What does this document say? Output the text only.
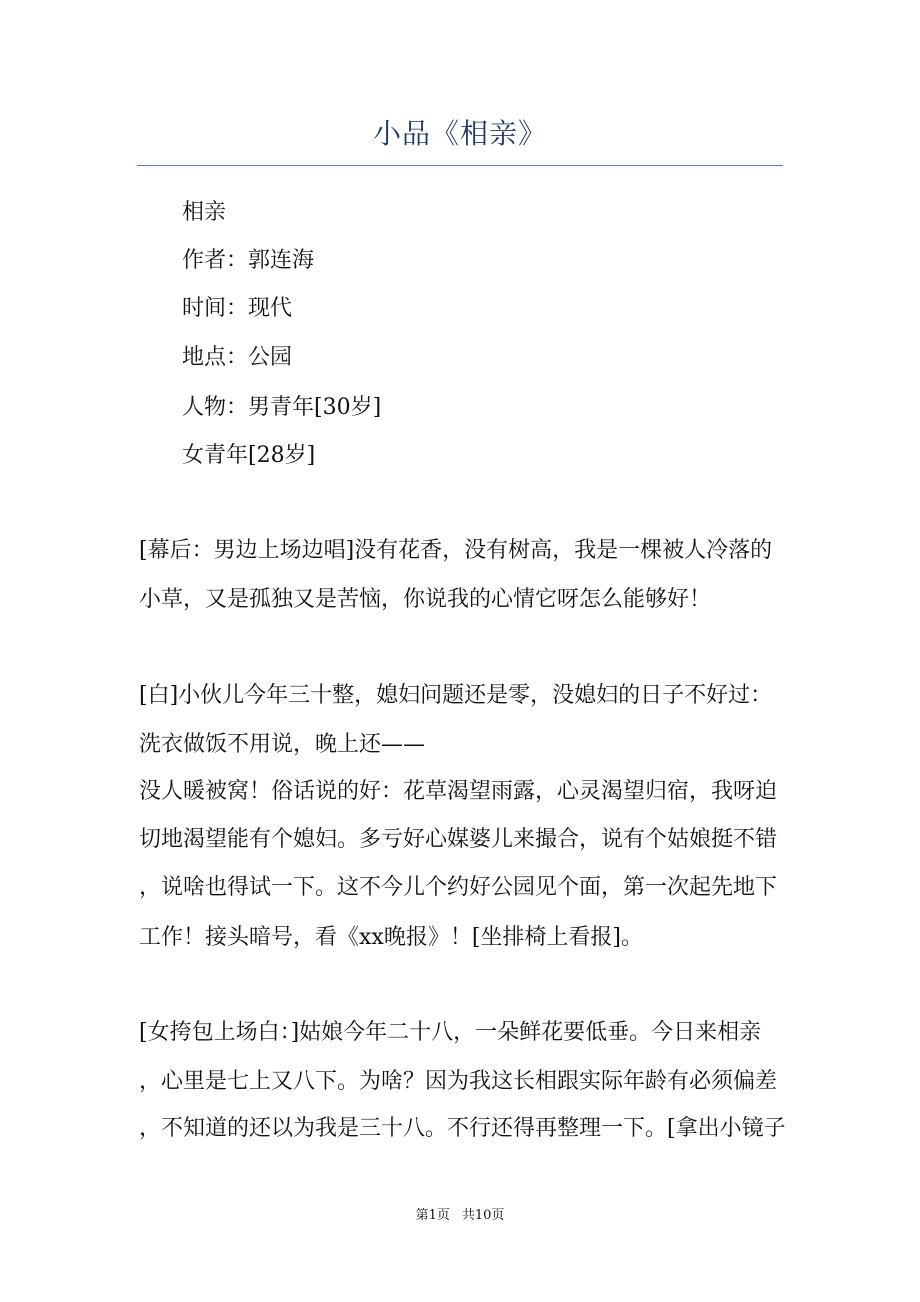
小品《相亲》
相亲
作者：郭连海
时间：现代
地点：公园
人物：男青年[30岁]
女青年[28岁]
[幕后：男边上场边唱]没有花香，没有树高，我是一棵被人冷落的
小草，又是孤独又是苦恼，你说我的心情它呀怎么能够好！
[白]小伙儿今年三十整，媳妇问题还是零，没媳妇的日子不好过：
洗衣做饭不用说，晚上还——
没人暖被窝！俗话说的好：花草渴望雨露，心灵渴望归宿，我呀迫
切地渴望能有个媳妇。多亏好心媒婆儿来撮合，说有个姑娘挺不错
，说啥也得试一下。这不今儿个约好公园见个面，第一次起先地下
工作！接头暗号，看《xx晚报》！[坐排椅上看报]。
[女挎包上场白：]姑娘今年二十八，一朵鲜花要低垂。今日来相亲
，心里是七上又八下。为啥？因为我这长相跟实际年龄有必须偏差
，不知道的还以为我是三十八。不行还得再整理一下。[拿出小镜子
第1页 共10页
